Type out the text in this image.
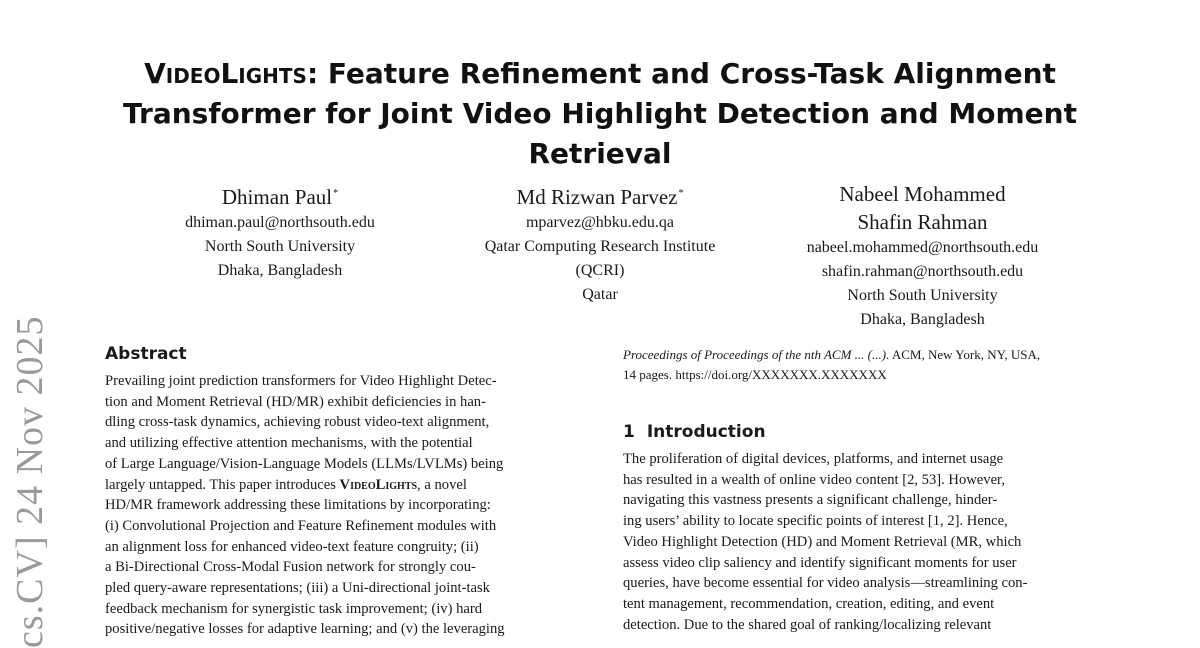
cs.CV] 24 Nov 2025
VideoLights: Feature Refinement and Cross-Task Alignment
Transformer for Joint Video Highlight Detection and Moment
Retrieval
Dhiman Paul*
dhiman.paul@northsouth.edu
North South University
Dhaka, Bangladesh
Md Rizwan Parvez*
mparvez@hbku.edu.qa
Qatar Computing Research Institute
(QCRI)
Qatar
Nabeel Mohammed
Shafin Rahman
nabeel.mohammed@northsouth.edu
shafin.rahman@northsouth.edu
North South University
Dhaka, Bangladesh
Abstract
Prevailing joint prediction transformers for Video Highlight Detec-
tion and Moment Retrieval (HD/MR) exhibit deficiencies in han-
dling cross-task dynamics, achieving robust video-text alignment,
and utilizing effective attention mechanisms, with the potential
of Large Language/Vision-Language Models (LLMs/LVLMs) being
largely untapped. This paper introduces VideoLights, a novel
HD/MR framework addressing these limitations by incorporating:
(i) Convolutional Projection and Feature Refinement modules with
an alignment loss for enhanced video-text feature congruity; (ii)
a Bi-Directional Cross-Modal Fusion network for strongly cou-
pled query-aware representations; (iii) a Uni-directional joint-task
feedback mechanism for synergistic task improvement; (iv) hard
positive/negative losses for adaptive learning; and (v) the leveraging
Proceedings of Proceedings of the nth ACM ... (...). ACM, New York, NY, USA,
14 pages. https://doi.org/XXXXXXX.XXXXXXX
1 Introduction
The proliferation of digital devices, platforms, and internet usage
has resulted in a wealth of online video content [2, 53]. However,
navigating this vastness presents a significant challenge, hinder-
ing users’ ability to locate specific points of interest [1, 2]. Hence,
Video Highlight Detection (HD) and Moment Retrieval (MR, which
assess video clip saliency and identify significant moments for user
queries, have become essential for video analysis—streamlining con-
tent management, recommendation, creation, editing, and event
detection. Due to the shared goal of ranking/localizing relevant
